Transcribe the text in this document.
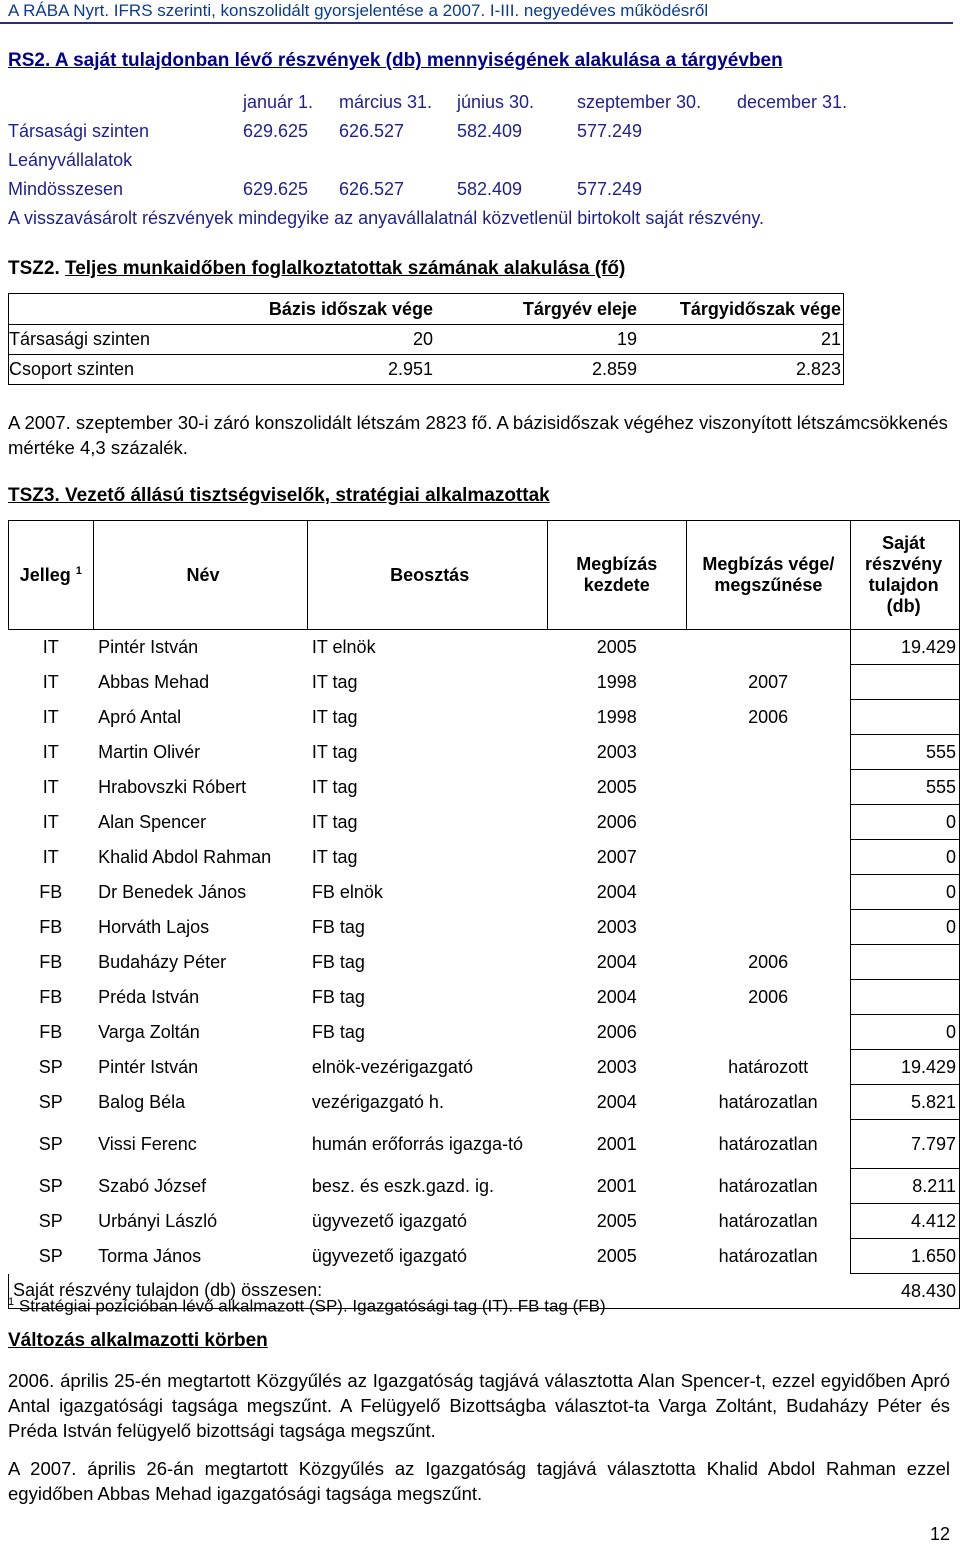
A RÁBA Nyrt. IFRS szerinti, konszolidált gyorsjelentése a 2007. I-III. negyedéves működésről
RS2. A saját tulajdonban lévő részvények (db) mennyiségének alakulása a tárgyévben
	január 1.	március 31.	június 30.	szeptember 30.	december 31.
Társasági szinten	629.625	626.527	582.409	577.249	
Leányvállalatok					
Mindösszesen	629.625	626.527	582.409	577.249	
A visszavásárolt részvények mindegyike az anyavállalatnál közvetlenül birtokolt saját részvény.					
TSZ2. Teljes munkaidőben foglalkoztatottak számának alakulása (fő)
	Bázis időszak vége	Tárgyév eleje	Tárgyidőszak vége
Társasági szinten	20	19	21
Csoport szinten	2.951	2.859	2.823
A 2007. szeptember 30-i záró konszolidált létszám 2823 fő. A bázisidőszak végéhez viszonyított létszámcsökkenés mértéke 4,3 százalék.
TSZ3. Vezető állású tisztségviselők, stratégiai alkalmazottak
Jelleg $^1$	Név	Beosztás	Megbízás kezdete	Megbízás vége/ megszűnése	Saját részvény tulajdon (db)
IT	Pintér István	IT elnök	2005		19.429
IT	Abbas Mehad	IT tag	1998	2007	
IT	Apró Antal	IT tag	1998	2006	
IT	Martin Olivér	IT tag	2003		555
IT	Hrabovszki Róbert	IT tag	2005		555
IT	Alan Spencer	IT tag	2006		0
IT	Khalid Abdol Rahman	IT tag	2007		0
FB	Dr Benedek János	FB elnök	2004		0
FB	Horváth Lajos	FB tag	2003		0
FB	Budaházy Péter	FB tag	2004	2006	
FB	Préda István	FB tag	2004	2006	
FB	Varga Zoltán	FB tag	2006		0
SP	Pintér István	elnök-vezérigazgató	2003	határozott	19.429
SP	Balog Béla	vezérigazgató h.	2004	határozatlan	5.821
SP	Vissi Ferenc	humán erőforrás igazga-tó	2001	határozatlan	7.797
SP	Szabó József	besz. és eszk.gazd. ig.	2001	határozatlan	8.211
SP	Urbányi László	ügyvezető igazgató	2005	határozatlan	4.412
SP	Torma János	ügyvezető igazgató	2005	határozatlan	1.650
Saját részvény tulajdon (db) összesen:					48.430
$^1$ Stratégiai pozícióban lévő alkalmazott (SP). Igazgatósági tag (IT). FB tag (FB)
Változás alkalmazotti körben
2006. április 25-én megtartott Közgyűlés az Igazgatóság tagjává választotta Alan Spencer-t, ezzel egyidőben Apró Antal igazgatósági tagsága megszűnt. A Felügyelő Bizottságba választot-ta Varga Zoltánt, Budaházy Péter és Préda István felügyelő bizottsági tagsága megszűnt.
A 2007. április 26-án megtartott Közgyűlés az Igazgatóság tagjává választotta Khalid Abdol Rahman ezzel egyidőben Abbas Mehad igazgatósági tagsága megszűnt.
12
